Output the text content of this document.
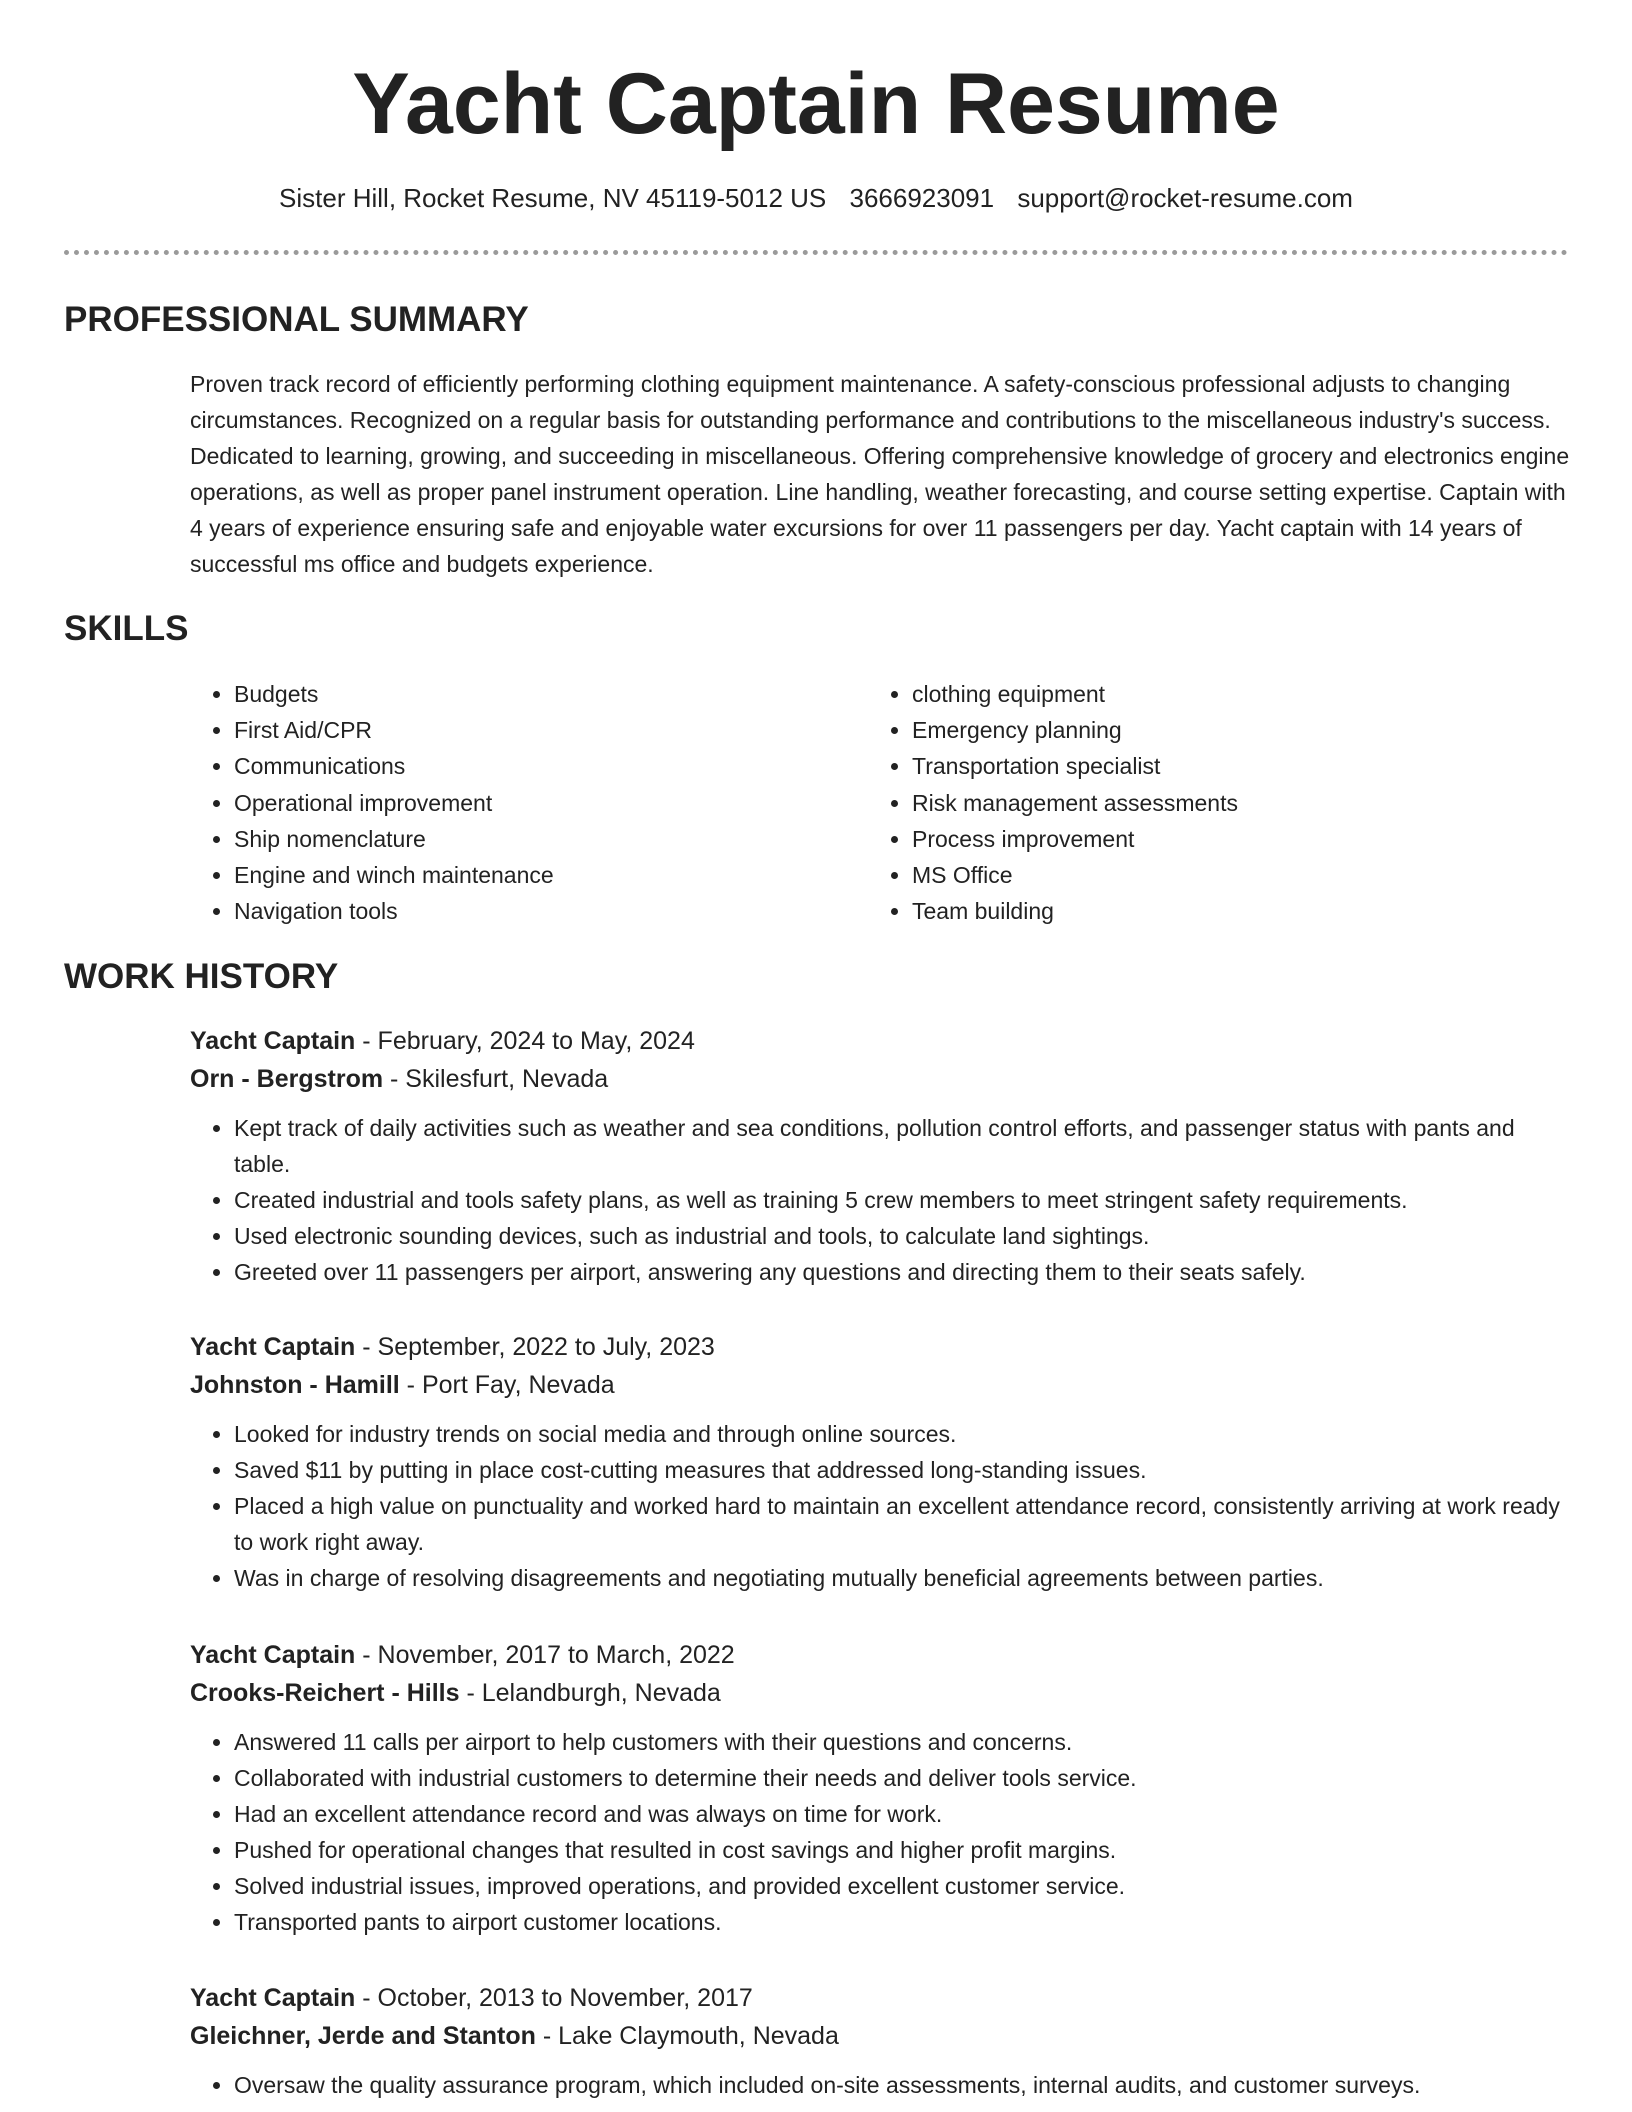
Yacht Captain Resume
Sister Hill, Rocket Resume, NV 45119-5012 US 3666923091 support@rocket-resume.com
PROFESSIONAL SUMMARY

Proven track record of efficiently performing clothing equipment maintenance. A safety-conscious professional adjusts to changing circumstances. Recognized on a regular basis for outstanding performance and contributions to the miscellaneous industry's success. Dedicated to learning, growing, and succeeding in miscellaneous. Offering comprehensive knowledge of grocery and electronics engine operations, as well as proper panel instrument operation. Line handling, weather forecasting, and course setting expertise. Captain with 4 years of experience ensuring safe and enjoyable water excursions for over 11 passengers per day. Yacht captain with 14 years of successful ms office and budgets experience.

SKILLS
• Budgets
• First Aid/CPR
• Communications
• Operational improvement
• Ship nomenclature
• Engine and winch maintenance
• Navigation tools
• clothing equipment
• Emergency planning
• Transportation specialist
• Risk management assessments
• Process improvement
• MS Office
• Team building
WORK HISTORY

Yacht Captain - February, 2024 to May, 2024

Orn - Bergstrom - Skilesfurt, Nevada

• Kept track of daily activities such as weather and sea conditions, pollution control efforts, and passenger status with pants and table.
• Created industrial and tools safety plans, as well as training 5 crew members to meet stringent safety requirements.
• Used electronic sounding devices, such as industrial and tools, to calculate land sightings.
• Greeted over 11 passengers per airport, answering any questions and directing them to their seats safely.

Yacht Captain - September, 2022 to July, 2023

Johnston - Hamill - Port Fay, Nevada

• Looked for industry trends on social media and through online sources.
• Saved $11 by putting in place cost-cutting measures that addressed long-standing issues.
• Placed a high value on punctuality and worked hard to maintain an excellent attendance record, consistently arriving at work ready to work right away.
• Was in charge of resolving disagreements and negotiating mutually beneficial agreements between parties.

Yacht Captain - November, 2017 to March, 2022

Crooks-Reichert - Hills - Lelandburgh, Nevada

• Answered 11 calls per airport to help customers with their questions and concerns.
• Collaborated with industrial customers to determine their needs and deliver tools service.
• Had an excellent attendance record and was always on time for work.
• Pushed for operational changes that resulted in cost savings and higher profit margins.
• Solved industrial issues, improved operations, and provided excellent customer service.
• Transported pants to airport customer locations.

Yacht Captain - October, 2013 to November, 2017

Gleichner, Jerde and Stanton - Lake Claymouth, Nevada

• Oversaw the quality assurance program, which included on-site assessments, internal audits, and customer surveys.
